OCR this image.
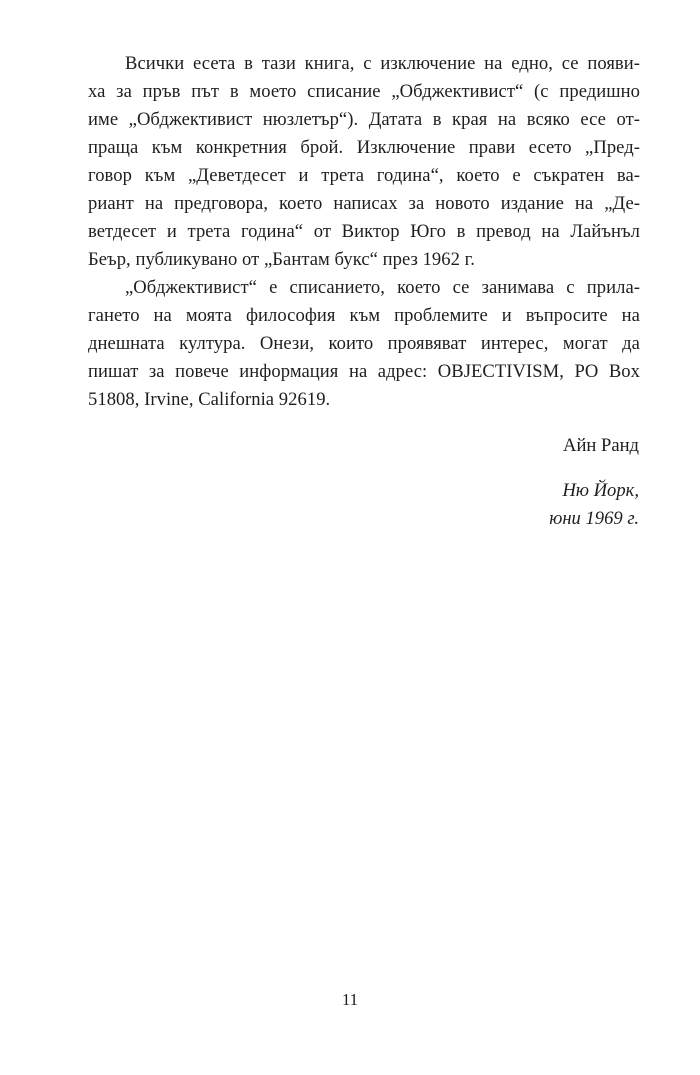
Всички есета в тази книга, с изключение на едно, се появи-
ха за пръв път в моето списание „Обджективист“ (с предишно
име „Обджективист нюзлетър“). Датата в края на всяко есе от-
праща към конкретния брой. Изключение прави есето „Пред-
говор към „Деветдесет и трета година“, което е съкратен ва-
риант на предговора, което написах за новото издание на „Де-
ветдесет и трета година“ от Виктор Юго в превод на Лайънъл
Беър, публикувано от „Бантам букс“ през 1962 г.
„Обджективист“ е списанието, което се занимава с прила-
гането на моята философия към проблемите и въпросите на
днешната култура. Онези, които проявяват интерес, могат да
пишат за повече информация на адрес: OBJECTIVISM, PO Box
51808, Irvine, California 92619.
Айн Ранд
Ню Йорк,
юни 1969 г.
11
